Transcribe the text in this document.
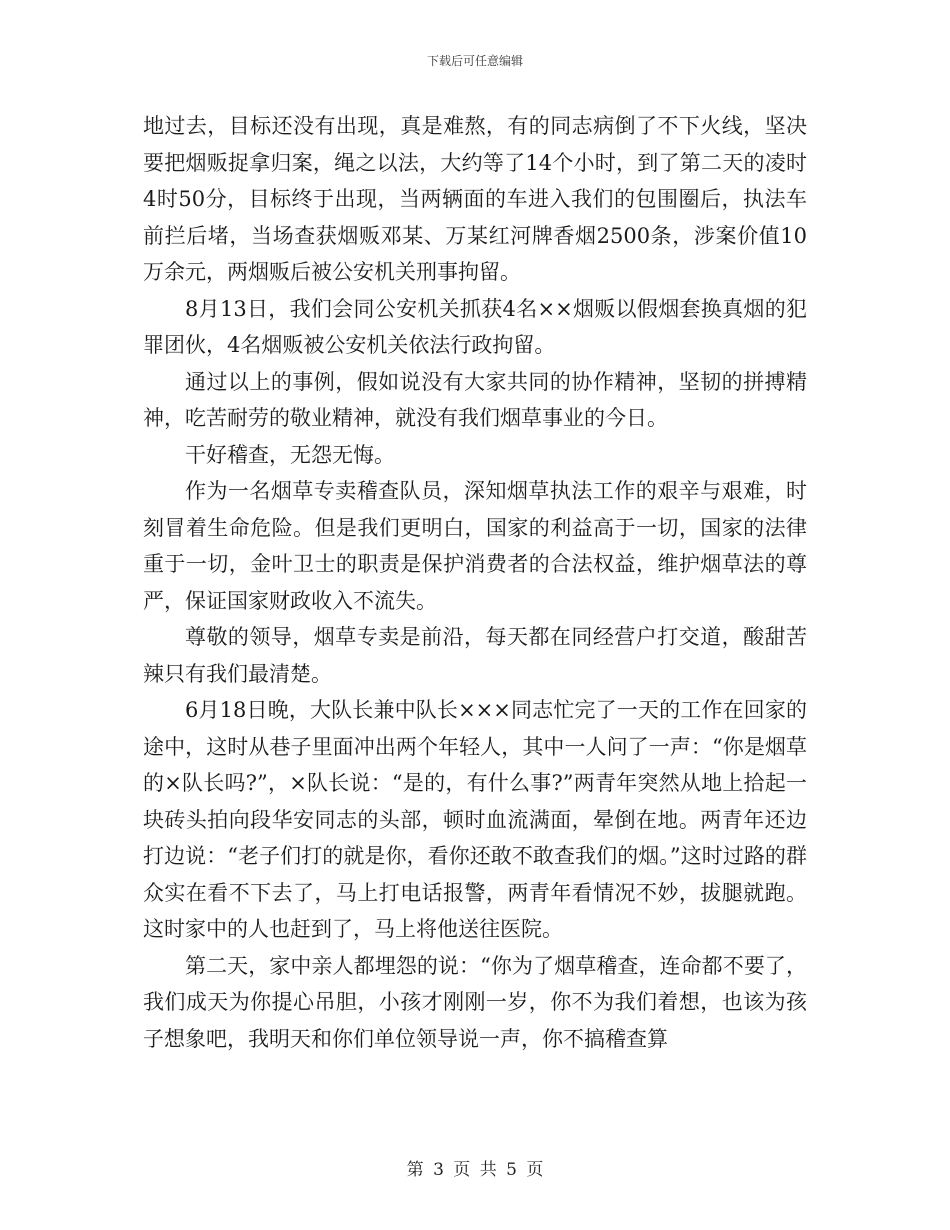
下载后可任意编辑

地过去，目标还没有出现，真是难熬，有的同志病倒了不下火线，坚决要把烟贩捉拿归案，绳之以法，大约等了14个小时，到了第二天的凌时4时50分，目标终于出现，当两辆面的车进入我们的包围圈后，执法车前拦后堵，当场查获烟贩邓某、万某红河牌香烟2500条，涉案价值10万余元，两烟贩后被公安机关刑事拘留。

8月13日，我们会同公安机关抓获4名××烟贩以假烟套换真烟的犯罪团伙，4名烟贩被公安机关依法行政拘留。

通过以上的事例，假如说没有大家共同的协作精神，坚韧的拼搏精神，吃苦耐劳的敬业精神，就没有我们烟草事业的今日。

干好稽查，无怨无悔。

作为一名烟草专卖稽查队员，深知烟草执法工作的艰辛与艰难，时刻冒着生命危险。但是我们更明白，国家的利益高于一切，国家的法律重于一切，金叶卫士的职责是保护消费者的合法权益，维护烟草法的尊严，保证国家财政收入不流失。

尊敬的领导，烟草专卖是前沿，每天都在同经营户打交道，酸甜苦辣只有我们最清楚。

6月18日晚，大队长兼中队长×××同志忙完了一天的工作在回家的途中，这时从巷子里面冲出两个年轻人，其中一人问了一声：“你是烟草的×队长吗?”，×队长说：“是的，有什么事?”两青年突然从地上拾起一块砖头拍向段华安同志的头部，顿时血流满面，晕倒在地。两青年还边打边说：“老子们打的就是你，看你还敢不敢查我们的烟。”这时过路的群众实在看不下去了，马上打电话报警，两青年看情况不妙，拔腿就跑。这时家中的人也赶到了，马上将他送往医院。

第二天，家中亲人都埋怨的说：“你为了烟草稽查，连命都不要了，我们成天为你提心吊胆，小孩才刚刚一岁，你不为我们着想，也该为孩子想象吧，我明天和你们单位领导说一声，你不搞稽查算

第 3 页 共 5 页
